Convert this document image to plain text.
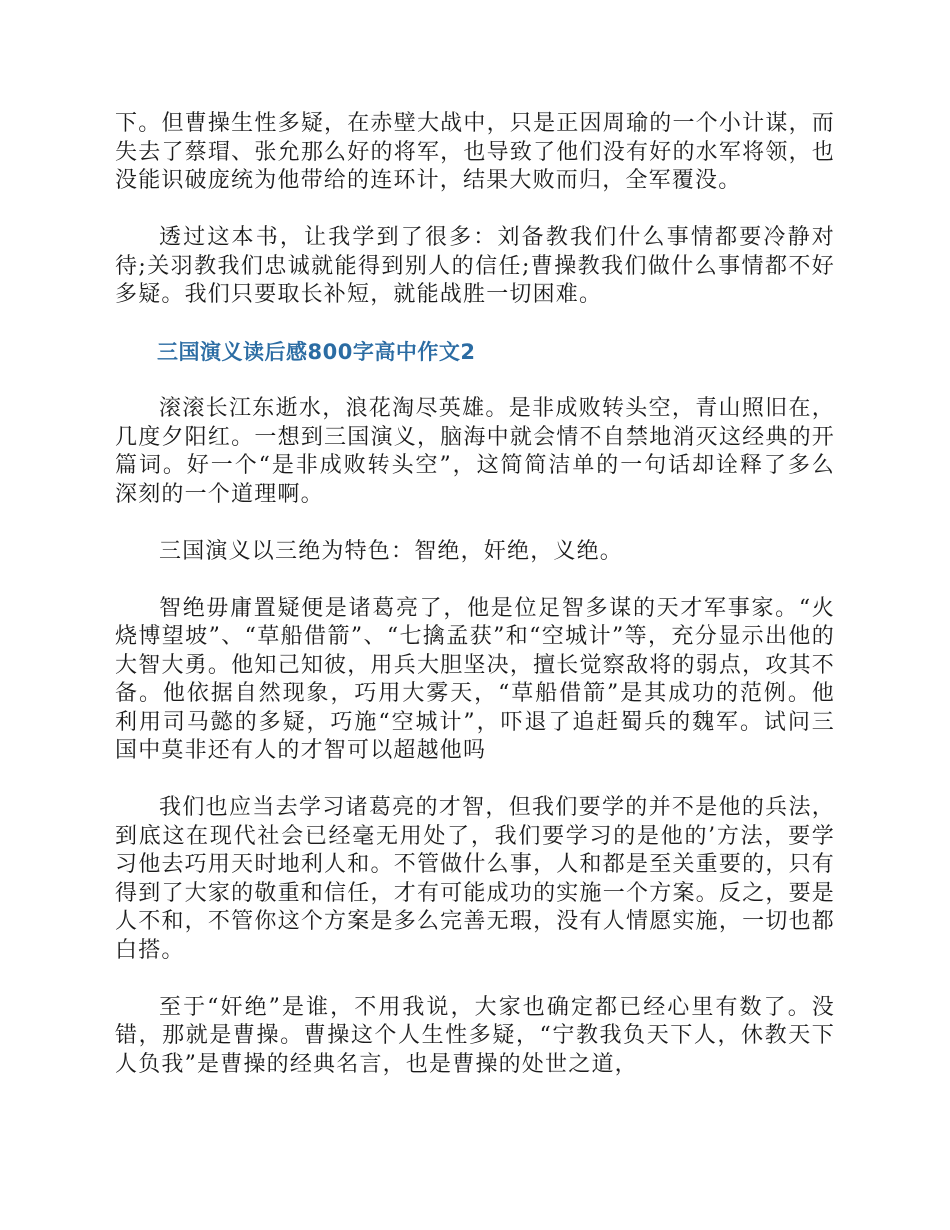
下。但曹操生性多疑，在赤壁大战中，只是正因周瑜的一个小计谋，而失去了蔡瑁、张允那么好的将军，也导致了他们没有好的水军将领，也没能识破庞统为他带给的连环计，结果大败而归，全军覆没。

透过这本书，让我学到了很多：刘备教我们什么事情都要冷静对待;关羽教我们忠诚就能得到别人的信任;曹操教我们做什么事情都不好多疑。我们只要取长补短，就能战胜一切困难。

三国演义读后感800字高中作文2

滚滚长江东逝水，浪花淘尽英雄。是非成败转头空，青山照旧在，几度夕阳红。一想到三国演义，脑海中就会情不自禁地消灭这经典的开篇词。好一个“是非成败转头空”，这简简洁单的一句话却诠释了多么深刻的一个道理啊。

三国演义以三绝为特色：智绝，奸绝，义绝。

智绝毋庸置疑便是诸葛亮了，他是位足智多谋的天才军事家。“火烧博望坡”、“草船借箭”、“七擒孟获”和“空城计”等，充分显示出他的大智大勇。他知己知彼，用兵大胆坚决，擅长觉察敌将的弱点，攻其不备。他依据自然现象，巧用大雾天，“草船借箭”是其成功的范例。他利用司马懿的多疑，巧施“空城计”，吓退了追赶蜀兵的魏军。试问三国中莫非还有人的才智可以超越他吗

我们也应当去学习诸葛亮的才智，但我们要学的并不是他的兵法，到底这在现代社会已经毫无用处了，我们要学习的是他的’方法，要学习他去巧用天时地利人和。不管做什么事，人和都是至关重要的，只有得到了大家的敬重和信任，才有可能成功的实施一个方案。反之，要是人不和，不管你这个方案是多么完善无瑕，没有人情愿实施，一切也都白搭。

至于“奸绝”是谁，不用我说，大家也确定都已经心里有数了。没错，那就是曹操。曹操这个人生性多疑，“宁教我负天下人，休教天下人负我”是曹操的经典名言，也是曹操的处世之道，
